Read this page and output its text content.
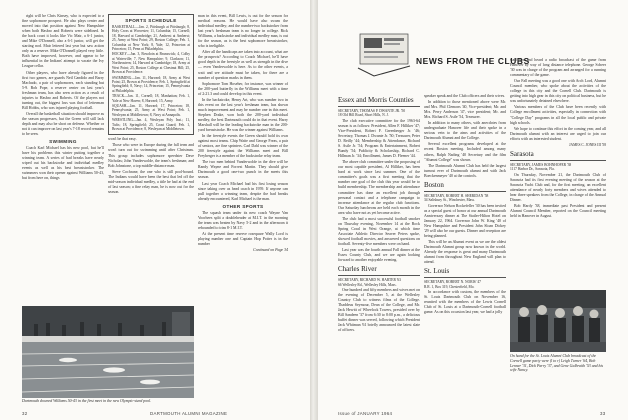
right will be Chris Kinsey, who is expected to a fine sophomore prospect. He also plays center and moved into that position against New Hampshire when both Hasbro and Roberts were sidelined. In the back court it looks like Vic Mair, a 6-1 junior, and Mike O'Donnell, also a 6-1 junior, will get the starting nod. Mair lettered last year but saw action only as a reserve. Mike O'Donnell played very little. Both have improved, however, and appear to be influential in the Indians' attempt to vacate the Ivy League cellar.

Other players, who have already figured in the first two games, are guards Neil Candido and Barry Machado, a pair of sophomores, each standing but 5-9. Bob Pope, a reserve center on last year's freshman team, has also seen action as a result of injuries to Hasbro and Roberts. Of the players not turning out, the biggest loss was that of letterman Bill Hobbs, who was injured playing football.

Overall the basketball situation should improve as the season progresses, but the Green will still lack depth and may also be short on defense. Whether or not it can improve on last year's 7-18 record remains to be seen.

SWIMMING

Coach Karl Michael has his new pool, but he'll have his problems this winter putting together a winning team. A series of bad breaks have nearly wiped out his backstroke and individual medley events as well as his best breaststroker. The swimmers won their opener against Williams 50-43, but from here on, things

SPORTS SCHEDULE

BASKETBALL—Jan. 2, Pittsburgh at Pittsburgh; 8, Holy Cross at Worcester; 11, Columbia; 15, Cornell; 18, Harvard at Cambridge; 21, Amherst at Amherst; 25, Army at West Point; 29, Boston College; Feb. 1, Columbia at New York; 8, Yale; 12, Princeton at Princeton; 15, Penn at Philadelphia.

HOCKEY—Jan. 3, Bowdoin at Brunswick; 4, Colby at Waterville; 7, New Hampshire; 9, Clarkson; 11, Northeastern; 14, Harvard at Cambridge; 18, Army at West Point; 25, Boston College at Chestnut Hill; 25, Brown at Providence.

SWIMMING—Jan. 11, Harvard; 18, Army at West Point; 25, Brown at Providence; Feb. 1, Springfield at Springfield; 8, Navy; 14, Princeton; 15, Pennsylvania at Philadelphia.

TRACK—Jan. 11, Cornell; 18, Manhattan; Feb. 1, Yale at New Haven; 8, Harvard; 15, Army.

SQUASH—Jan. 11, Harvard; 17, Princeton; 18, Pennsylvania; 25, Army at West Point; Feb. 1, Wesleyan at Middletown; 8, Navy at Annapolis.

WRESTLING—Jan. 4, Wesleyan Poly Inst.; 11, Tufts; 18, Springfield; 25, Coast Guard; Feb. 1, Brown at Providence; 8, Wesleyan at Middletown.

won't be that easy.

Those who were in Europe during the fall term and won't turn out for swimming until after Christmas. This group includes sophomore speedster Dave Nicholas; John Vanderwolde, the team's freshman; and Bob Johnstone, a top middle-distance man.

Steve Cochrane, the one who is still pool-bound. The Indians would have been the best that led off the mid-season individual medley, a title he had at the end of last season; a fine relay man, he is now out for the season.

man in this event, Bill Lewis, is out for the season for medical reasons. He would have also swum the individual medley; and the number-two backstroker from last year's freshman team is no longer in college. Rick Williams, a backstroke and individual medley man, is out for the season, as is the best sophomore breaststroker, who is ineligible.

After all the handicaps are taken into account, what are the prospects? According to Coach Michael, he'll have good depth in the freestyle as well as strength in the dive — even Vanderwolde is here. As to the other events, a wait and see attitude must be taken, for there are a number of question marks in them.

Sophomore Tom Hoseher, for instance, was winner of the 200-yard butterfly in the Williams meet with a time of 2:21.3 and could develop in this event.

In the backstroke, Henry Art, who was number two in this event on the last year's freshman team, has shown much improvement and may be number one in this meet. Stephen Drake, won both the 200-yard individual medley, the best Dartmouth could do in that event. Harry Marshall will be the leading backstroke man in the 200-yard breaststroke. He was the winner against Williams.

In the freestyle events the Green should hold its own against most teams. Chip Waite and George Freas, a pair of seniors, are fine sprinters. Carl Dahl was winner of the 200 freestyle against the Williams meet and Bill Freyberger is a member of the backstroke relay team.

The two men behind Vanderwolde in the dive will be Randy Wayne and Forrest Martin. They should give Dartmouth a good one-two punch in the meets this season.

Last year Coach Michael had his first losing season since taking over as head coach in 1959. If anyone can pull together a winning team, despite the bad breaks already encountered, Karl Michael is the man.

OTHER SPORTS

The squash team under its new coach Wayne Van Voorhees split a doubleheader at M.I.T. in the morning the team was beaten by Navy 5-2 and in the afternoon it rebounded to trim 8-1 M.I.T.

At the present time reserve rosequare Wally Lord is playing number one and Captain Hop Potter is in the number

Continued on Page 34
Dartmouth downed Williams 50-43 in the first meet in the new Olympic-sized pool.
32	DARTMOUTH ALUMNI MAGAZINE
NEWS FROM THE CLUBS
Essex and Morris Counties

SECRETARY, THOMAS P. DWANTE JR. '50
18 Old Hill Road, Short Hills, N. J.

The club executive committee for the 1963-64 season is as follows: President, Allen F. Hilliker '47; Vice-President, Robert F. Greenberger Jr. '46; Secretary, Thomas J. Dwante Jr. '50; Treasurer, Peter D. Reilly '44; Membership & Attendance, Richard S. Astle Jr. '54; Program & Entertainment, Robert Bundy '54; Publicity & Scholarship, Richard C. Hillman Jr. '34; Enrollment, James D. Fleener '44.

The above club committee under the proposing of our most capable president, Al Hilliker, has been hard at work since last summer. One of the committee's goals was a first meeting that the number one goal of the club this year would be to build membership. The membership and attendance committee has done an excellent job through personal contact and a telephone campaign to increase attendance at the regular club functions. Our Saturday luncheons are held each month in the area who have not as yet become active.

The club had a most successful football smoker on Thursday evening, November 14 at the Rock Spring Coral in West Orange, at which time Associate Athletic Director Seaver Peters spoke, showed football movies, and answered questions on football. Seventy-five members were on hand.

Last year was the fourth annual Fall dinner at the Essex County Club, and we are again looking forward to another enjoyable evening.

Charles River

SECRETARY, RICHARD W. HARTER '63
66 Wellesley Rd., Wellesley Hills, Mass.

One hundred and fifty members and wives met on the evening of December 5, at the Wellesley Country Club to witness films of the College. Thaddeus Seymour, Dean of the College, and Mr. Jack Hewitt of Wheelock Towers, presided over by Bill Sandeen '37 from 6:30 to 8:00 p.m., a delicious buffet dinner was served, following which President Jack Whitman '61 briefly announced the latest slate of officers.

speaker speak and the Club officers and their wives.

In addition to those mentioned above were Mr. and Mrs. Phil Clemons '40, Vice-president; Mr. and Mrs. Perry Anderson '47, vice president; Mr. and Mrs. Richard S. Astle '54, Treasurer.

In addition to many others, with anecdotes from undergraduate Hanover life and their spoke in a serious vein to the aims and activities of the Dartmouth Alumni and the College.

Several excellent programs developed at the recent Boston meeting. Included among many others, Ralph Nading '40 Secretary and the film "Alumni College" was shown.

The Dartmouth Alumni Club has held the largest turnout ever of Dartmouth alumni and with Jack Boeckenmeyer '40 at the controls.

Boston

SECRETARY, ROBERT H. SHERIDAN '58
34 Salisbury St., Winchester, Mass.

Governor Nelson Rockefeller '30 has been invited as a special guest of honor at our annual Dartmouth Anniversary dinner at The Statler-Hilton Hotel on January 22, 1964. Governor John W. King '40 of New Hampshire and President John Sloan Dickey '29 will also be our guests. Dinner and reception are being planned.

This will be an Alumni event as we are the oldest Dartmouth Alumni group now known in the world. Already the response is great and many Dartmouth alumni from throughout New England will plan to attend.

St. Louis

SECRETARY, ROBERT N. NORIS '47
R.R. 1, Box 319, Chesterfield, Mo.

In accordance with custom, the members of the St. Louis Dartmouth Club on November 16, reunited with the members of the Lewis Cornell Club of St. Louis at a Dartmouth-Cornell football game. As on this occasion last year, we had a jolly

staff box and heard a radio broadcast of the game from Hanover by way of long distance telephone. George Scheer '30 was in charge of the program and arranged for a running commentary of the game.

Our Fall meeting was a good one with Arch Lord, Alumni Council member, who spoke about the activities of the college in this city and the Cornell Club. Dartmouth is getting into high gear in this city on political business, but he was unfortunately detained elsewhere.

Various members of the Club have been recently with College enrollment activities, especially in connection with "College Day" programs in all the local public and private high schools.

We hope to continue this effort in the coming year, and all Dartmouth alumni with an interest are urged to join our efforts with an interested student.

JAMES C. JONES III '58
Sarasota

SECRETARY, JAMES BOHNHOFER '38
1117 Harbor Dr., Sarasota, Fla.

On Thursday, November 21, the Dartmouth Club of Sarasota had its first evening meeting of the season at the Sarasota Yacht Club and, for the first meeting, an excellent attendance of nearly forty members and wives attended to hear three speakers from the College, in charge of the Annual Dinner.

Bob Hardy '38, immediate past President and present Alumni Council Member, reported on the Council meeting held in Hanover in August.

On hand for the St. Louis Alumni Club broadcast of the Cornell game party were (l to r) Leigh Turner '64, Bob Lenner '31, Dick Parry '37, and Gene Galbraith '53 and his wife Nancy.
Issue of JANUARY 1964	33
